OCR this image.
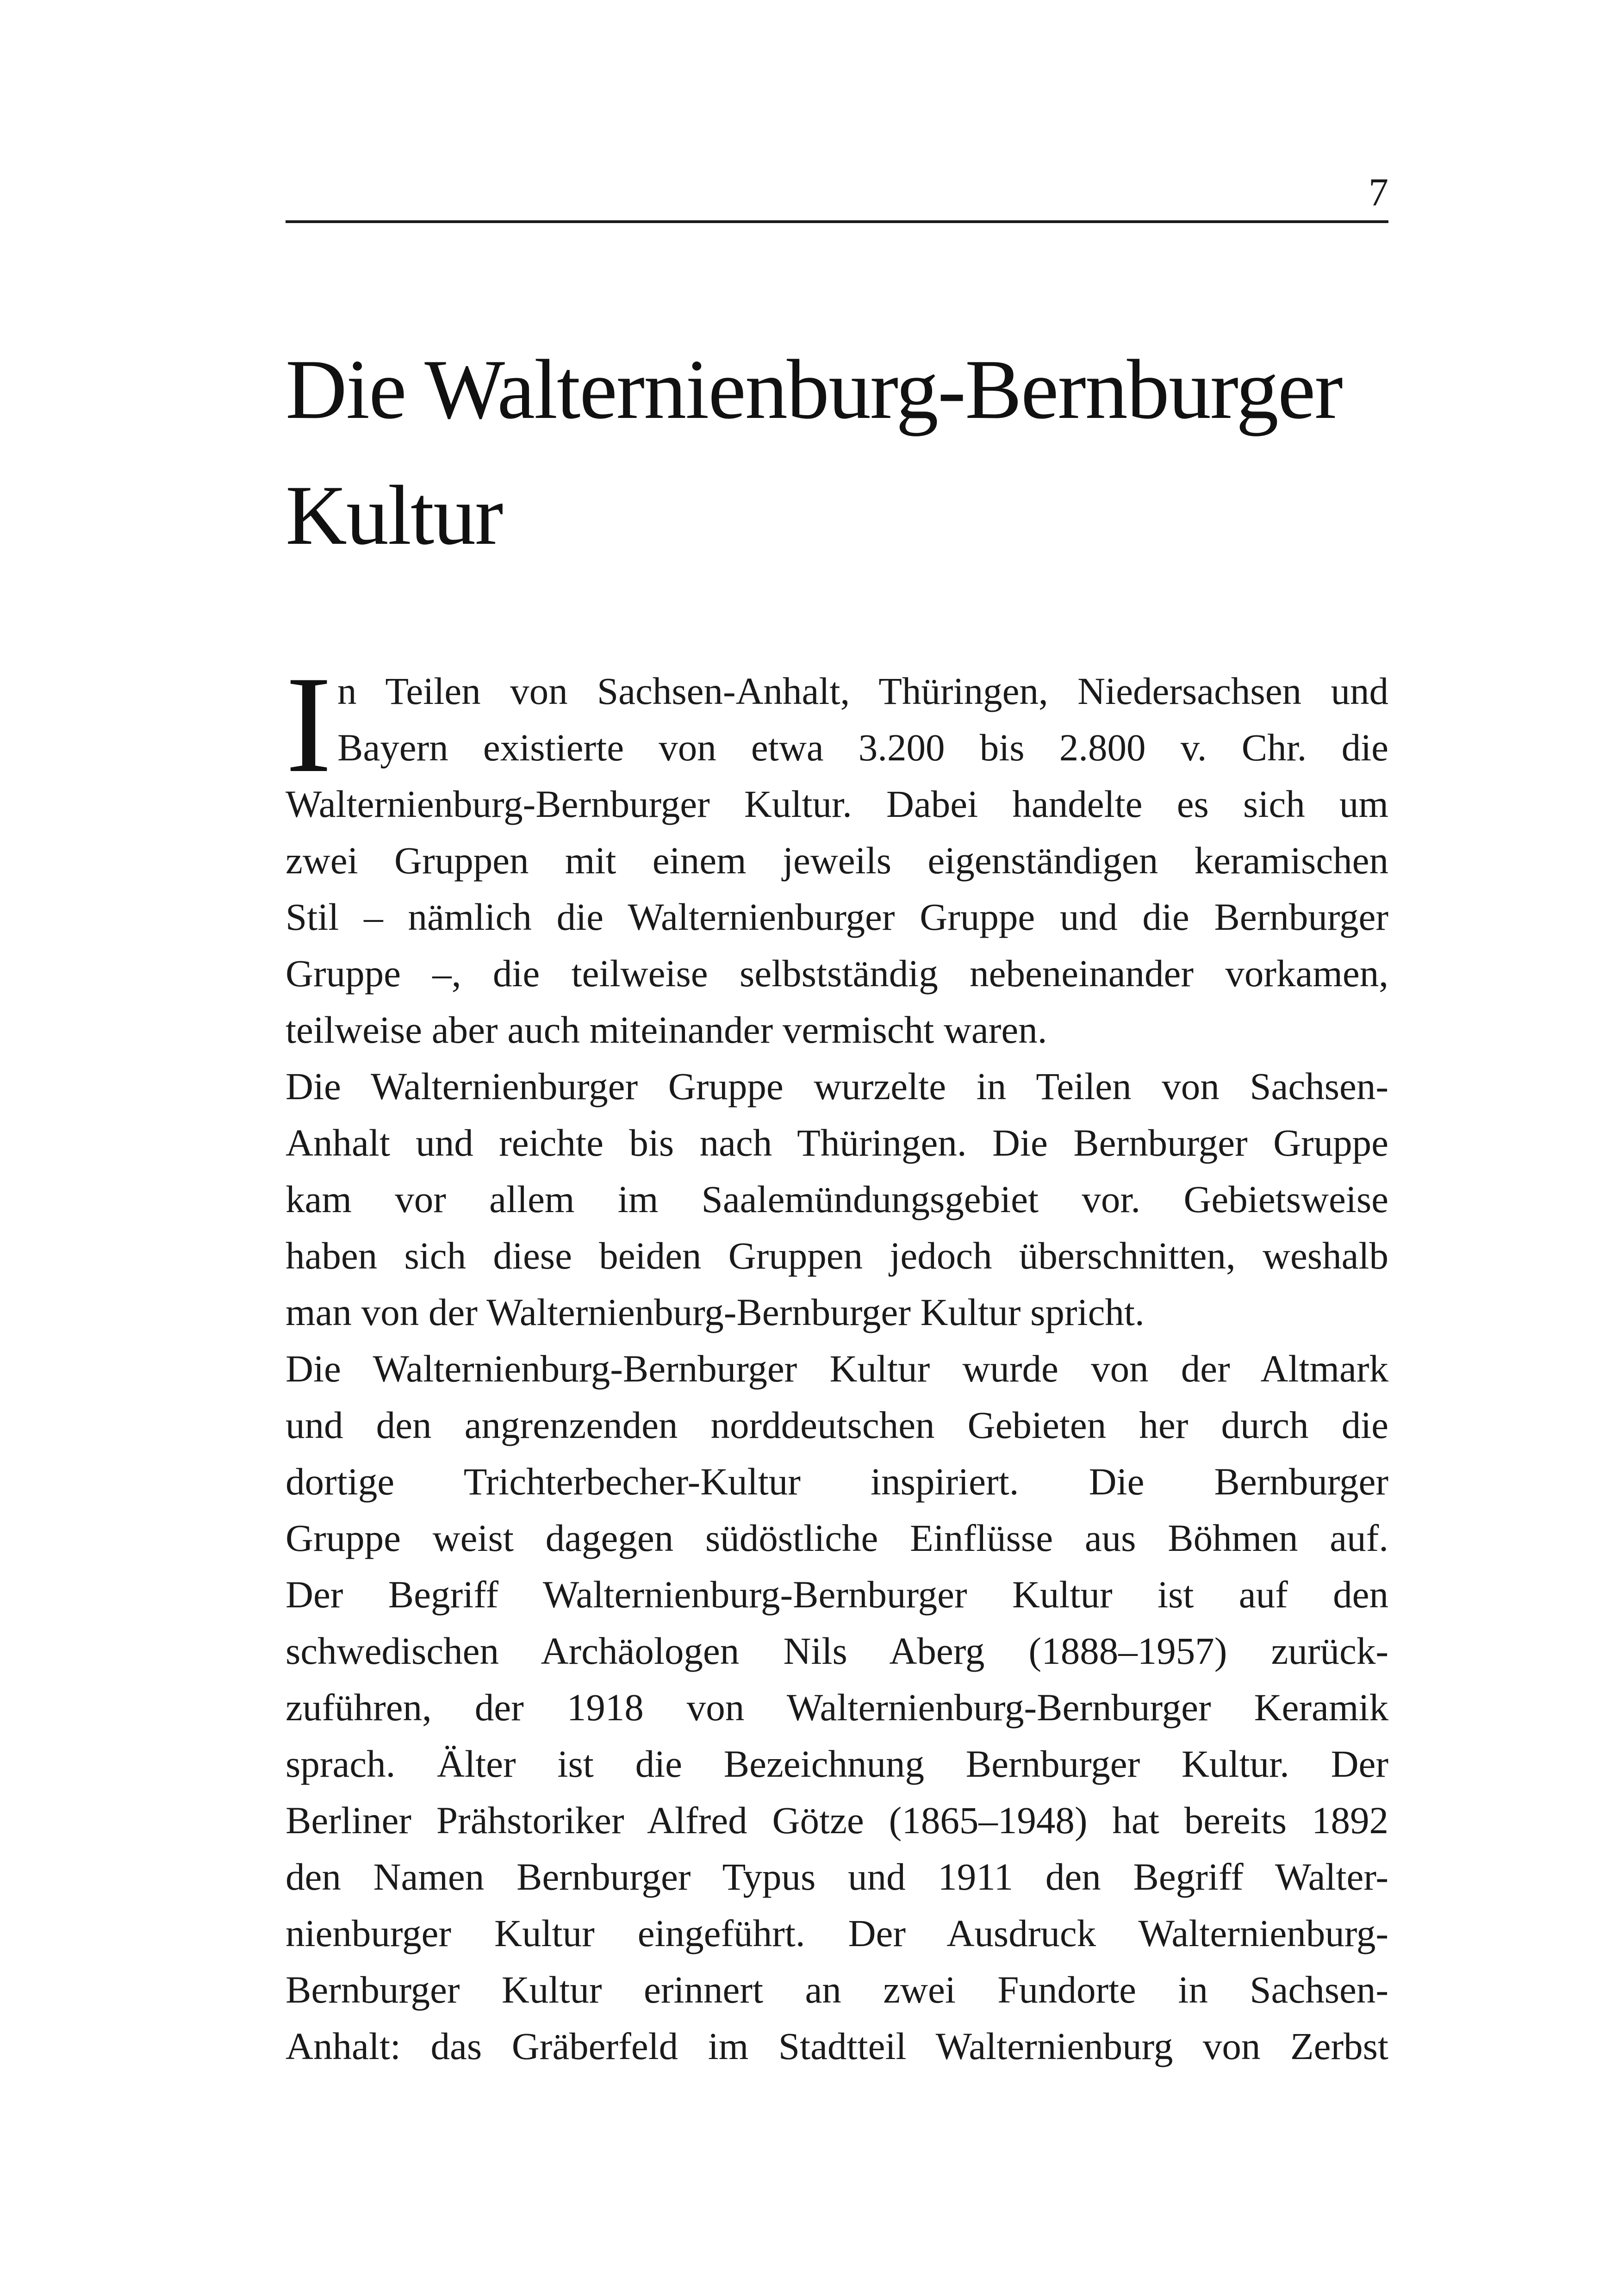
7
Die Walternienburg-Bernburger
Kultur
I n Teilen von Sachsen-Anhalt, Thüringen, Niedersachsen und
Bayern existierte von etwa 3.200 bis 2.800 v. Chr. die
Walternienburg-Bernburger Kultur. Dabei handelte es sich um
zwei Gruppen mit einem jeweils eigenständigen keramischen
Stil – nämlich die Walternienburger Gruppe und die Bernburger
Gruppe –, die teilweise selbstständig nebeneinander vorkamen,
teilweise aber auch miteinander vermischt waren.
Die Walternienburger Gruppe wurzelte in Teilen von Sachsen-
Anhalt und reichte bis nach Thüringen. Die Bernburger Gruppe
kam vor allem im Saalemündungsgebiet vor. Gebietsweise
haben sich diese beiden Gruppen jedoch überschnitten, weshalb
man von der Walternienburg-Bernburger Kultur spricht.
Die Walternienburg-Bernburger Kultur wurde von der Altmark
und den angrenzenden norddeutschen Gebieten her durch die
dortige Trichterbecher-Kultur inspiriert. Die Bernburger
Gruppe weist dagegen südöstliche Einflüsse aus Böhmen auf.
Der Begriff Walternienburg-Bernburger Kultur ist auf den
schwedischen Archäologen Nils Aberg (1888–1957) zurück-
zuführen, der 1918 von Walternienburg-Bernburger Keramik
sprach. Älter ist die Bezeichnung Bernburger Kultur. Der
Berliner Prähstoriker Alfred Götze (1865–1948) hat bereits 1892
den Namen Bernburger Typus und 1911 den Begriff Walter-
nienburger Kultur eingeführt. Der Ausdruck Walternienburg-
Bernburger Kultur erinnert an zwei Fundorte in Sachsen-
Anhalt: das Gräberfeld im Stadtteil Walternienburg von Zerbst
